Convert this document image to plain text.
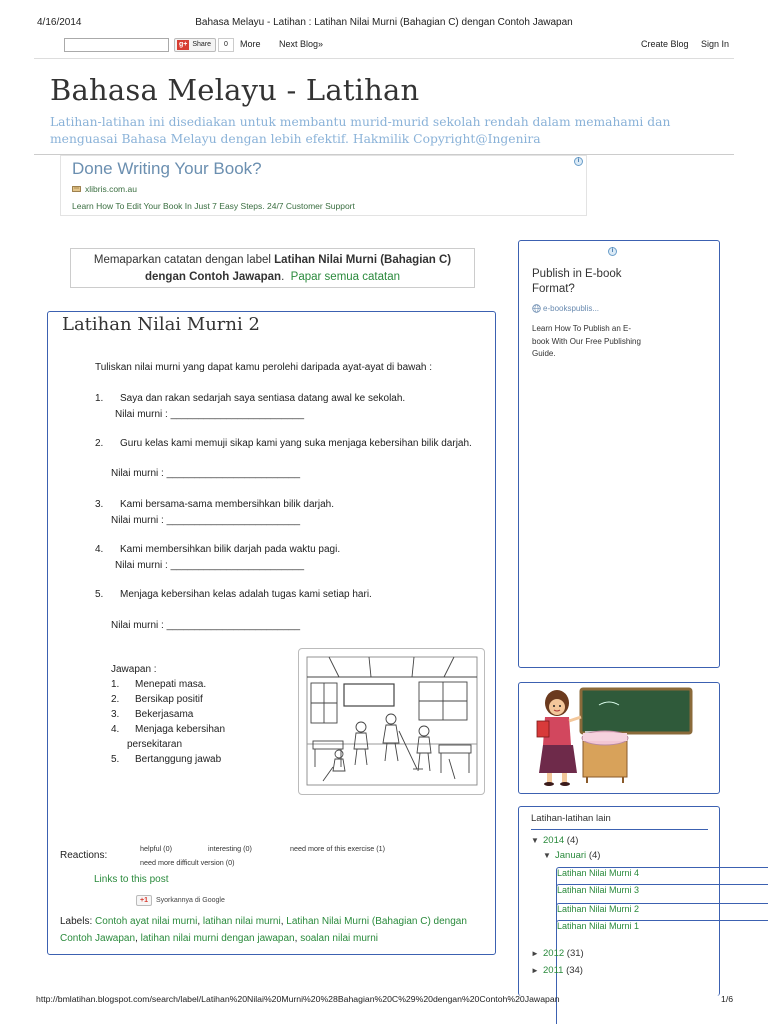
4/16/2014	Bahasa Melayu - Latihan : Latihan Nilai Murni (Bahagian C) dengan Contoh Jawapan
g+ Share	0	More Next Blog»	Create Blog Sign In
Bahasa Melayu - Latihan
Latihan-latihan ini disediakan untuk membantu murid-murid sekolah rendah dalam memahami dan menguasai Bahasa Melayu dengan lebih efektif. Hakmilik Copyright@Ingenira
i
Done Writing Your Book?
xlibris.com.au
Learn How To Edit Your Book In Just 7 Easy Steps. 24/7 Customer Support
Memaparkan catatan dengan label Latihan Nilai Murni (Bahagian C) dengan Contoh Jawapan. Papar semua catatan
Latihan Nilai Murni 2
Tuliskan nilai murni yang dapat kamu perolehi daripada ayat-ayat di bawah :
1. Saya dan rakan sedarjah saya sentiasa datang awal ke sekolah.
Nilai murni : ________________________
2. Guru kelas kami memuji sikap kami yang suka menjaga kebersihan bilik darjah.
Nilai murni : ________________________
3. Kami bersama-sama membersihkan bilik darjah.
Nilai murni : ________________________
4. Kami membersihkan bilik darjah pada waktu pagi.
Nilai murni : ________________________
5. Menjaga kebersihan kelas adalah tugas kami setiap hari.
Nilai murni : ________________________
Jawapan :
1. Menepati masa.
2. Bersikap positif
3. Bekerjasama
4. Menjaga kebersihan
persekitaran
5. Bertanggung jawab
Reactions:
helpful (0)	interesting (0)	need more of this exercise (1)
need more difficult version (0)
Links to this post
+1	Syorkannya di Google
Labels: Contoh ayat nilai murni, latihan nilai murni, Latihan Nilai Murni (Bahagian C) dengan Contoh Jawapan, latihan nilai murni dengan jawapan, soalan nilai murni
i
Publish in E-book Format?
e-bookspublis...
Learn How To Publish an E-book With Our Free Publishing Guide.
Latihan-latihan lain
▼ 2014 (4)
▼ Januari (4)
Latihan Nilai Murni 4
Latihan Nilai Murni 3
Latihan Nilai Murni 2
Latihan Nilai Murni 1
► 2012 (31)
► 2011 (34)
http://bmlatihan.blogspot.com/search/label/Latihan%20Nilai%20Murni%20%28Bahagian%20C%29%20dengan%20Contoh%20Jawapan	1/6
